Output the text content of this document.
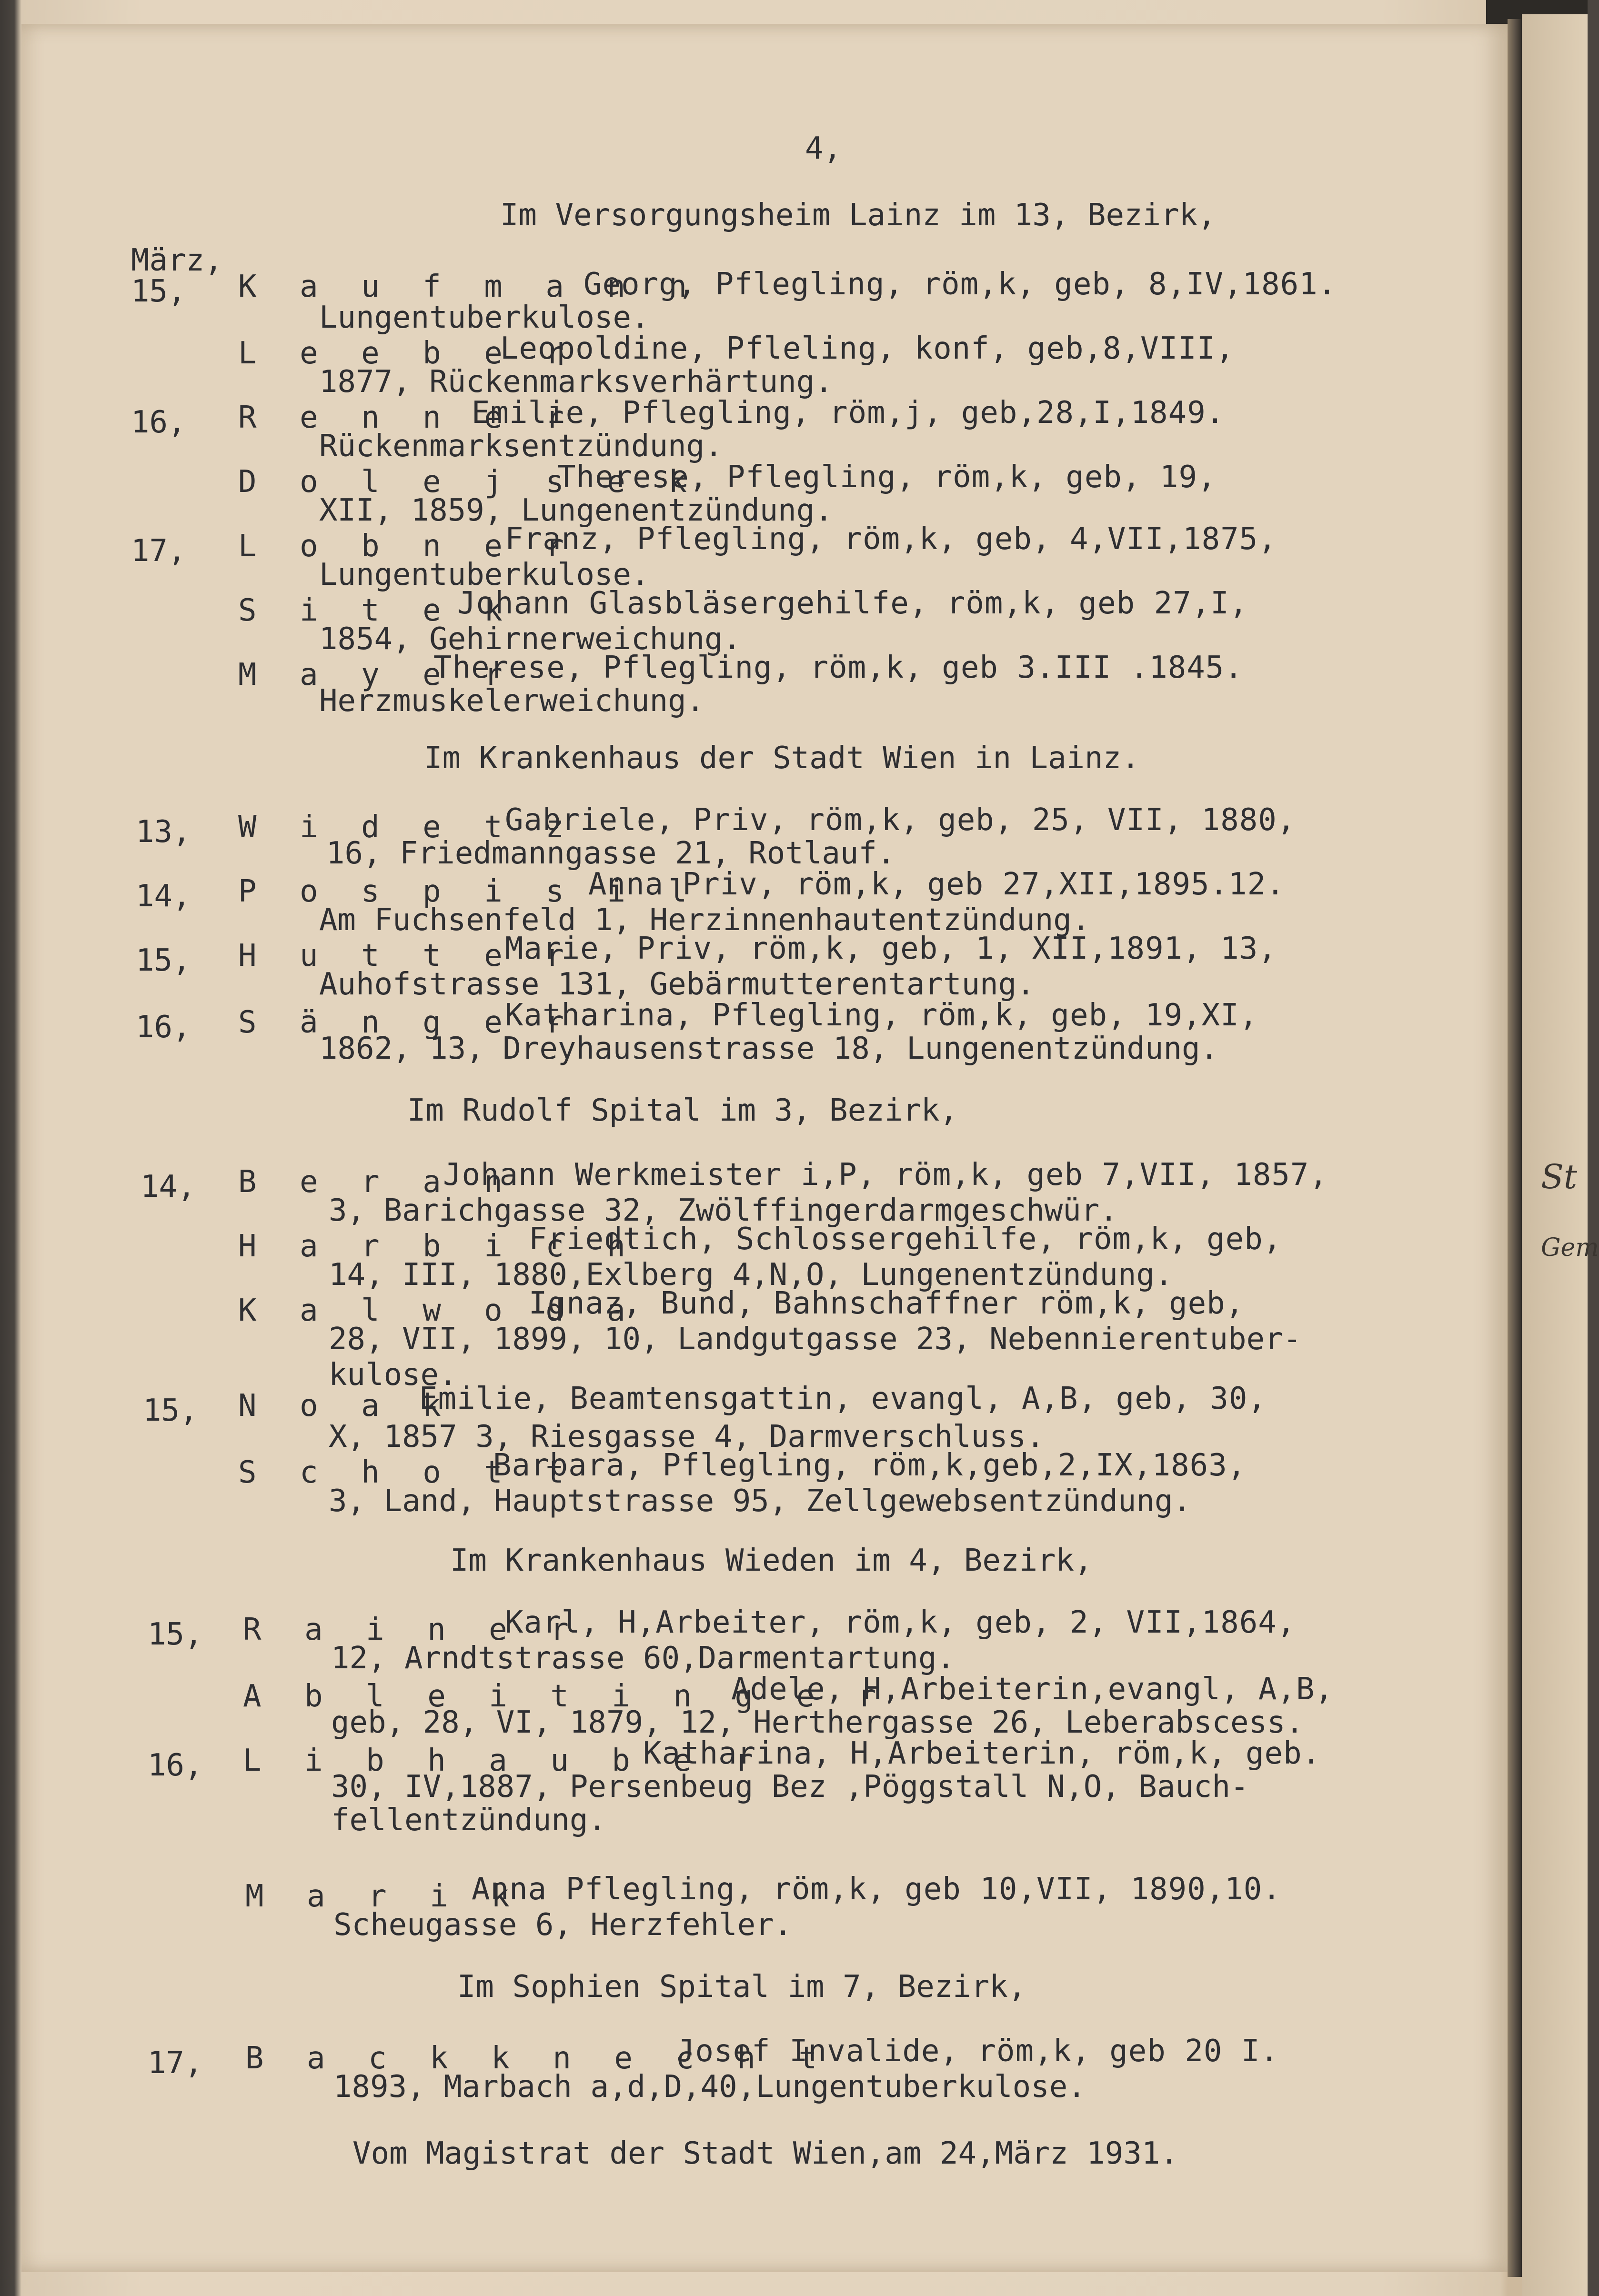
St
Gem

4,

Im Versorgungsheim Lainz im 13, Bezirk,

März,

15, K a u f m a n n

Georg, Pflegling, röm,k, geb, 8,IV,1861.

Lungentuberkulose.

L e e b e r

Leopoldine, Pfleling, konf, geb,8,VIII,

1877, Rückenmarksverhärtung.

16, R e n n e r

Emilie, Pflegling, röm,j, geb,28,I,1849.

Rückenmarksentzündung.

D o l e j s e k

Therese, Pflegling, röm,k, geb, 19,

XII, 1859, Lungenentzündung.

17, L o b n e r

Franz, Pflegling, röm,k, geb, 4,VII,1875,

Lungentuberkulose.

S i t e k

Johann Glasbläsergehilfe, röm,k, geb 27,I,

1854, Gehirnerweichung.

M a y e r

Therese, Pflegling, röm,k, geb 3.III .1845.

Herzmuskelerweichung.

Im Krankenhaus der Stadt Wien in Lainz.

13, W i d e t z

Gabriele, Priv, röm,k, geb, 25, VII, 1880,

16, Friedmanngasse 21, Rotlauf.

14, P o s p i s i l

Anna Priv, röm,k, geb 27,XII,1895.12.

Am Fuchsenfeld 1, Herzinnenhautentzündung.

15, H u t t e r

Marie, Priv, röm,k, geb, 1, XII,1891, 13,

Auhofstrasse 131, Gebärmutterentartung.

16, S ä n g e r

Katharina, Pflegling, röm,k, geb, 19,XI,

1862, 13, Dreyhausenstrasse 18, Lungenentzündung.

Im Rudolf Spital im 3, Bezirk,

14, B e r a n

Johann Werkmeister i,P, röm,k, geb 7,VII, 1857,

3, Barichgasse 32, Zwölffingerdarmgeschwür.

H a r b i c h

Friedtich, Schlossergehilfe, röm,k, geb,

14, III, 1880,Exlberg 4,N,O, Lungenentzündung.

K a l w o d a

Ignaz, Bund, Bahnschaffner röm,k, geb,

28, VII, 1899, 10, Landgutgasse 23, Nebennierentuber-

kulose.

15, N o a k

Emilie, Beamtensgattin, evangl, A,B, geb, 30,

X, 1857 3, Riesgasse 4, Darmverschluss.

S c h o t t

Barbara, Pflegling, röm,k,geb,2,IX,1863,

3, Land, Hauptstrasse 95, Zellgewebsentzündung.

Im Krankenhaus Wieden im 4, Bezirk,

15, R a i n e r

Karl, H,Arbeiter, röm,k, geb, 2, VII,1864,

12, Arndtstrasse 60,Darmentartung.

A b l e i t i n g e r

Adele, H,Arbeiterin,evangl, A,B,

geb, 28, VI, 1879, 12, Herthergasse 26, Leberabscess.

16, L i b h a u b e r

Katharina, H,Arbeiterin, röm,k, geb.

30, IV,1887, Persenbeug Bez ,Pöggstall N,O, Bauch-

fellentzündung.

M a r i k

Anna Pflegling, röm,k, geb 10,VII, 1890,10.

Scheugasse 6, Herzfehler.

Im Sophien Spital im 7, Bezirk,

17, B a c k k n e c h t

Josef Invalide, röm,k, geb 20 I.

1893, Marbach a,d,D,40,Lungentuberkulose.

Vom Magistrat der Stadt Wien,am 24,März 1931.
